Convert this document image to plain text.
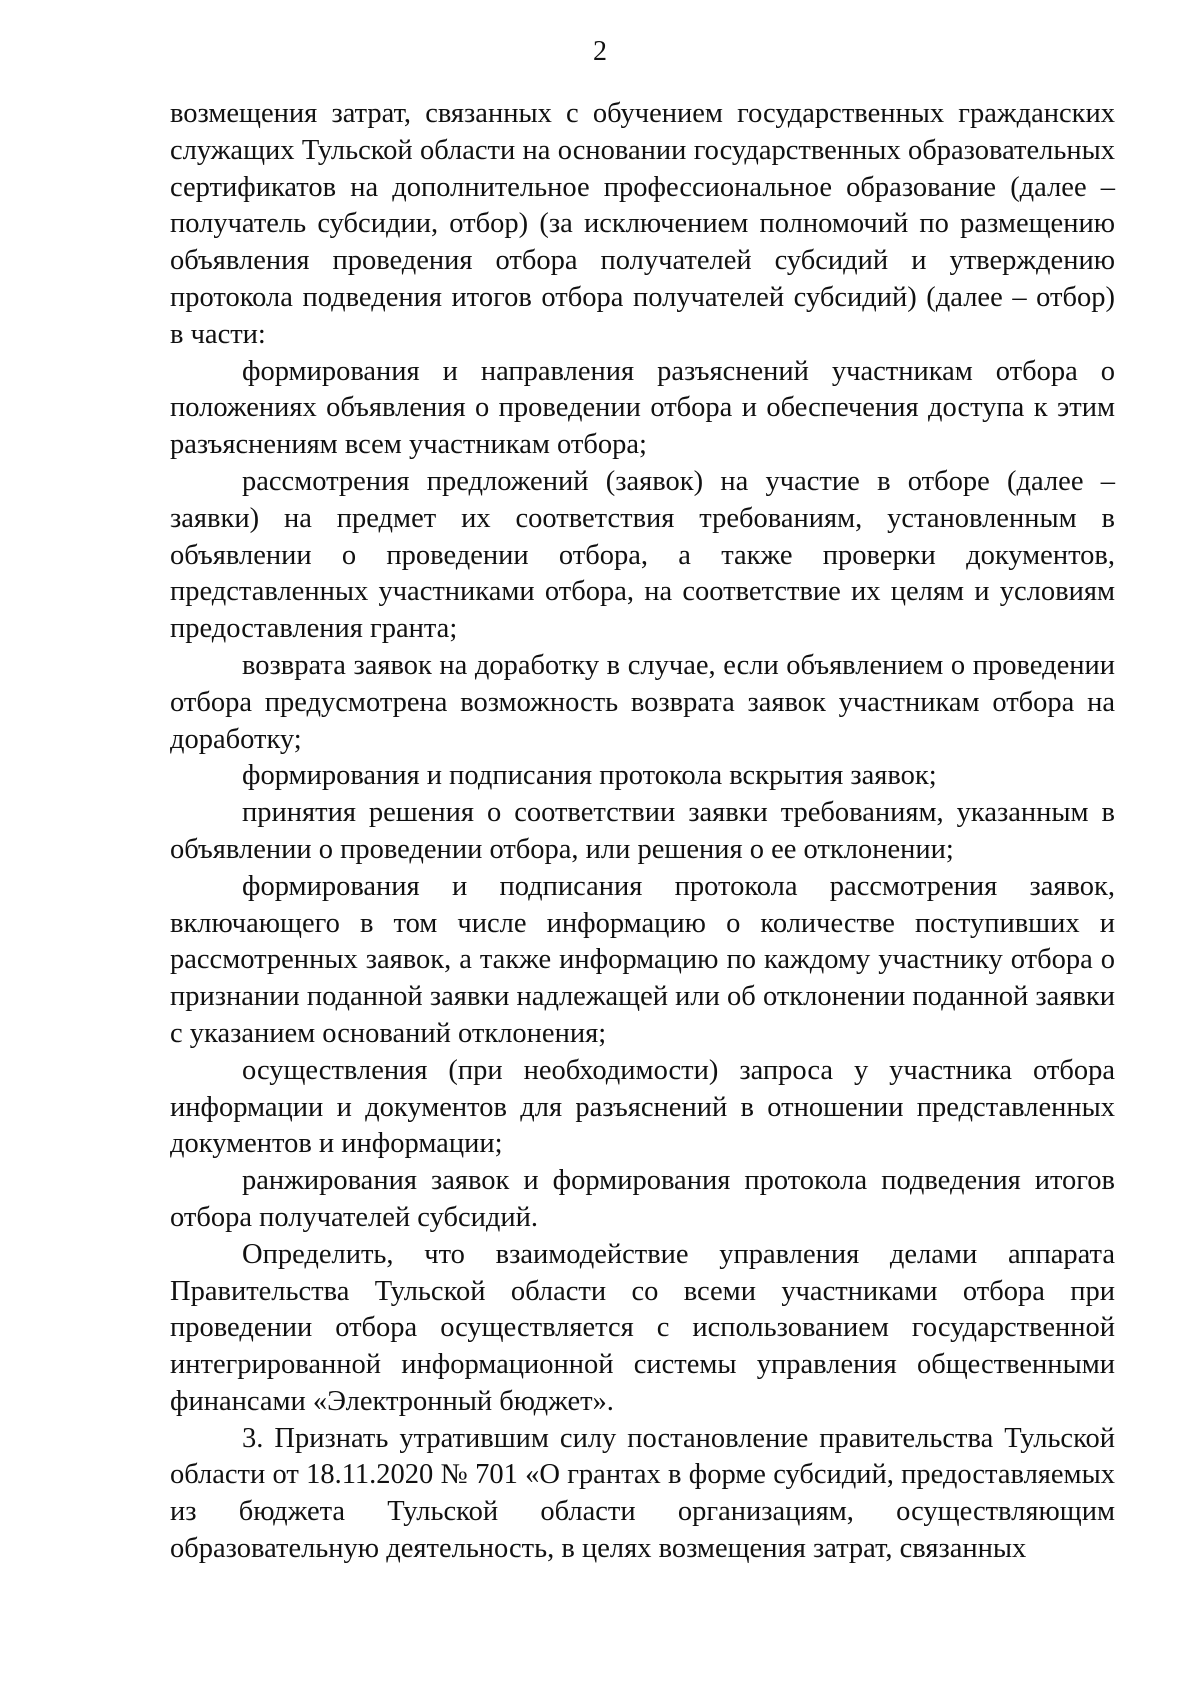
2

возмещения затрат, связанных с обучением государственных гражданских служащих Тульской области на основании государственных образовательных сертификатов на дополнительное профессиональное образование (далее – получатель субсидии, отбор) (за исключением полномочий по размещению объявления проведения отбора получателей субсидий и утверждению протокола подведения итогов отбора получателей субсидий) (далее – отбор) в части:

формирования и направления разъяснений участникам отбора о положениях объявления о проведении отбора и обеспечения доступа к этим разъяснениям всем участникам отбора;

рассмотрения предложений (заявок) на участие в отборе (далее – заявки) на предмет их соответствия требованиям, установленным в объявлении о проведении отбора, а также проверки документов, представленных участниками отбора, на соответствие их целям и условиям предоставления гранта;

возврата заявок на доработку в случае, если объявлением о проведении отбора предусмотрена возможность возврата заявок участникам отбора на доработку;

формирования и подписания протокола вскрытия заявок;

принятия решения о соответствии заявки требованиям, указанным в объявлении о проведении отбора, или решения о ее отклонении;

формирования и подписания протокола рассмотрения заявок, включающего в том числе информацию о количестве поступивших и рассмотренных заявок, а также информацию по каждому участнику отбора о признании поданной заявки надлежащей или об отклонении поданной заявки с указанием оснований отклонения;

осуществления (при необходимости) запроса у участника отбора информации и документов для разъяснений в отношении представленных документов и информации;

ранжирования заявок и формирования протокола подведения итогов отбора получателей субсидий.

Определить, что взаимодействие управления делами аппарата Правительства Тульской области со всеми участниками отбора при проведении отбора осуществляется с использованием государственной интегрированной информационной системы управления общественными финансами «Электронный бюджет».

3. Признать утратившим силу постановление правительства Тульской области от 18.11.2020 № 701 «О грантах в форме субсидий, предоставляемых из бюджета Тульской области организациям, осуществляющим образовательную деятельность, в целях возмещения затрат, связанных
